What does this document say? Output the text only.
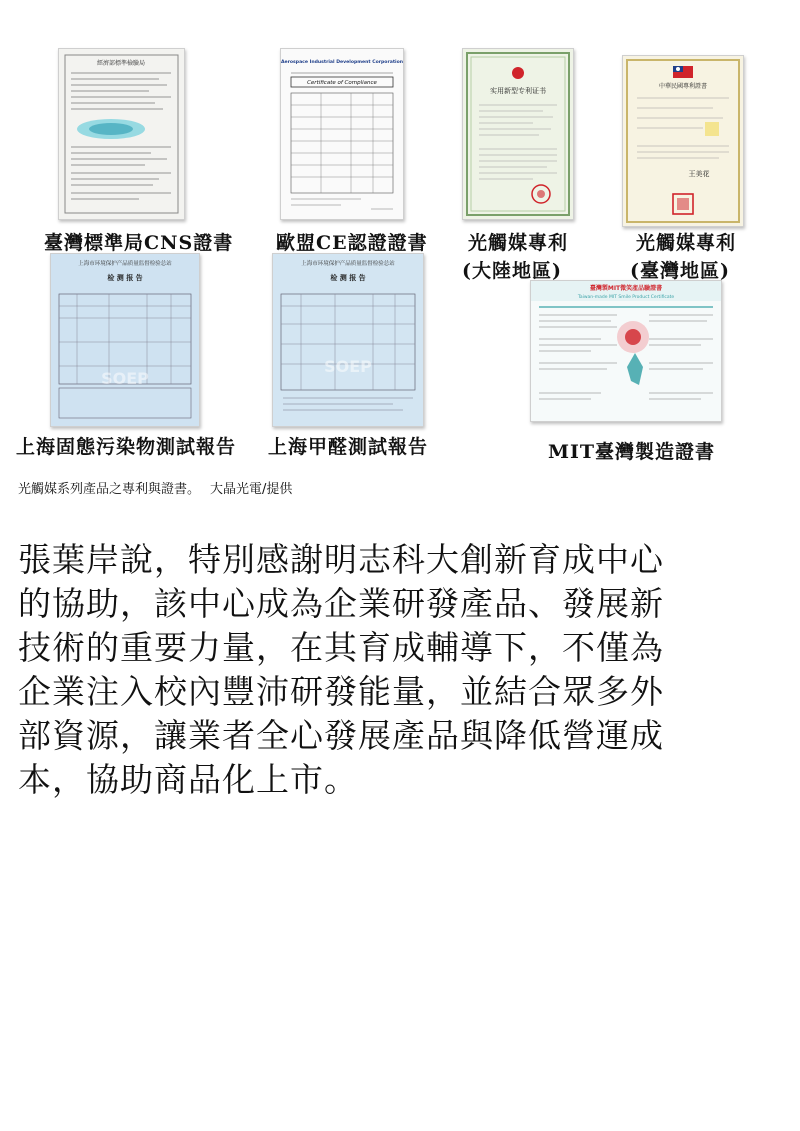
經濟部標準檢驗局	Aerospace Industrial Development Corporation
Certificate of Compliance
实用新型专利证书
中華民國專利證書
王美花
上海市环境保护产品质量监督检验总站
检 测 报 告
SOEP
上海市环境保护产品质量监督检验总站
检 测 报 告
SOEP
臺灣製MIT微笑產品驗證書
Taiwan-made MIT Smile Product Certificate
臺灣標準局CNS證書 歐盟CE認證證書 光觸媒專利
(大陸地區)
光觸媒專利
(臺灣地區)
上海固態污染物測試報告 上海甲醛測試報告	MIT臺灣製造證書
光觸媒系列產品之專利與證書。 大晶光電/提供
張葉岸說，特別感謝明志科大創新育成中心
的協助，該中心成為企業研發產品、發展新
技術的重要力量，在其育成輔導下，不僅為
企業注入校內豐沛研發能量，並結合眾多外
部資源，讓業者全心發展產品與降低營運成
本，協助商品化上市。
